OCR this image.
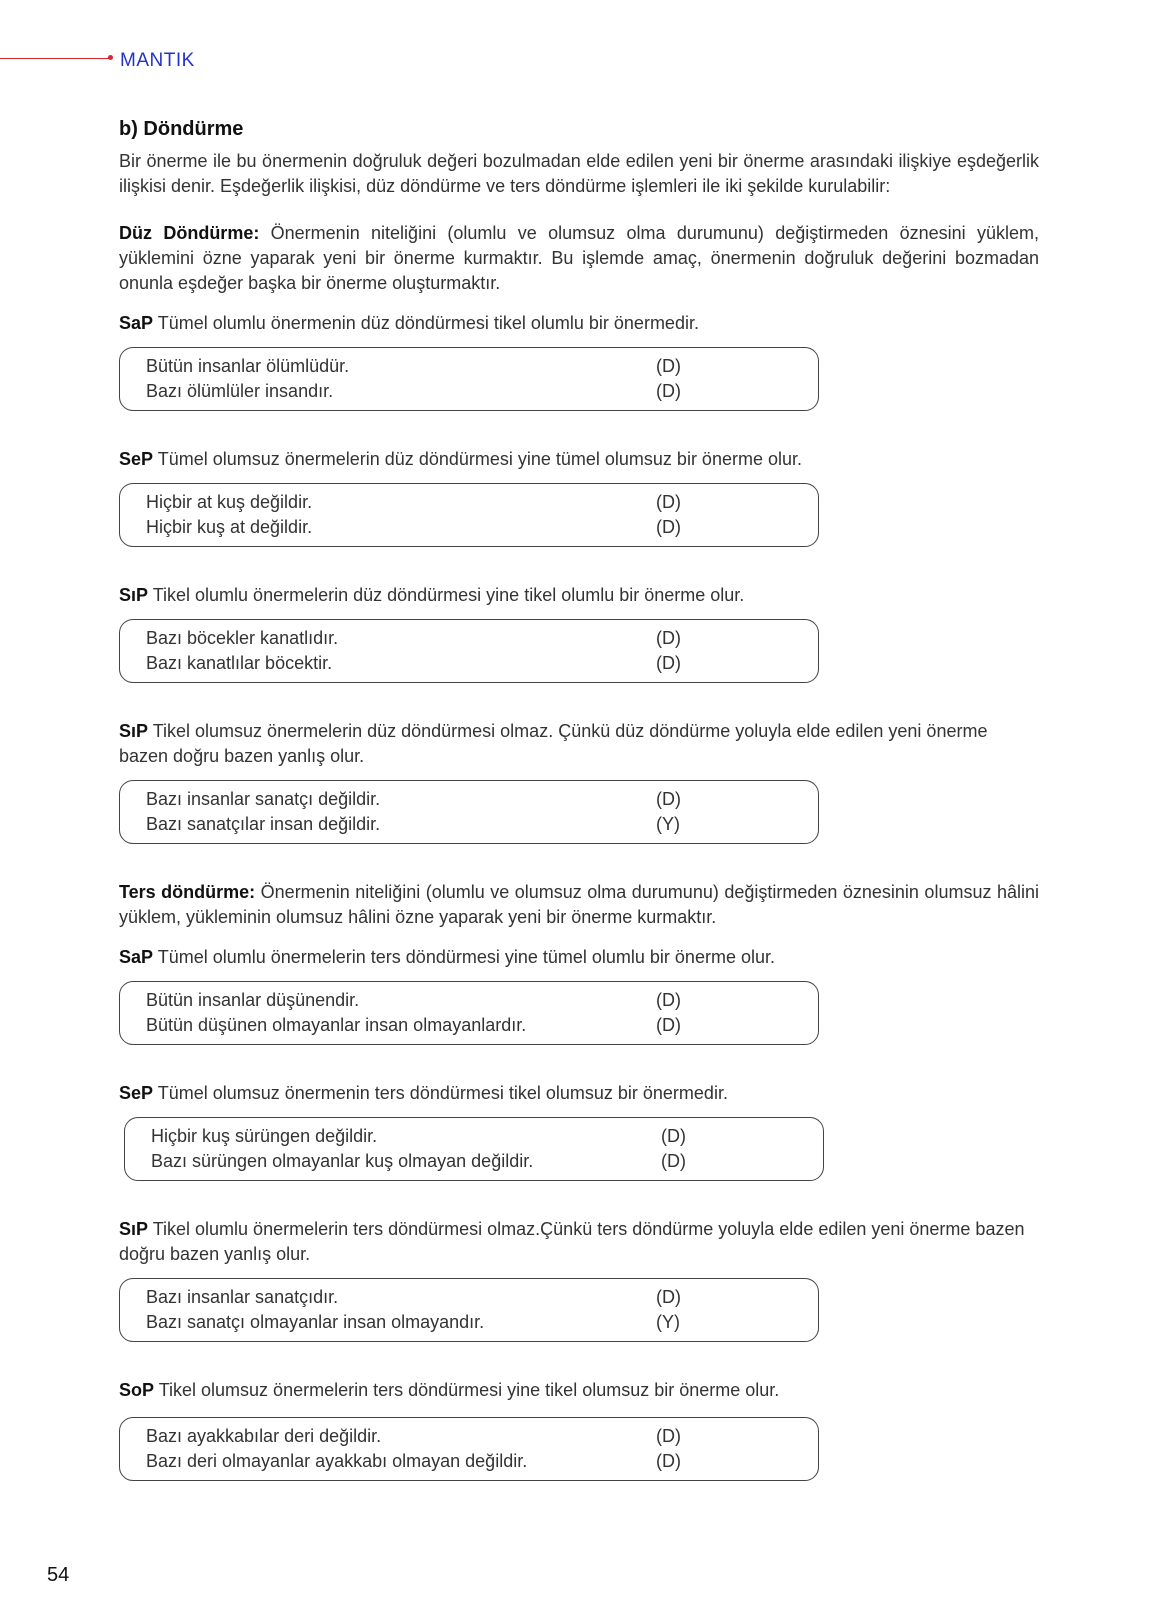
MANTIK
b) Döndürme

Bir önerme ile bu önermenin doğruluk değeri bozulmadan elde edilen yeni bir önerme arasındaki ilişkiye eşdeğerlik ilişkisi denir. Eşdeğerlik ilişkisi, düz döndürme ve ters döndürme işlemleri ile iki şekilde kurulabilir:

Düz Döndürme: Önermenin niteliğini (olumlu ve olumsuz olma durumunu) değiştirmeden öznesini yüklem, yüklemini özne yaparak yeni bir önerme kurmaktır. Bu işlemde amaç, önermenin doğruluk değerini bozmadan onunla eşdeğer başka bir önerme oluşturmaktır.

SaP Tümel olumlu önermenin düz döndürmesi tikel olumlu bir önermedir.

Bütün insanlar ölümlüdür.	(D)
Bazı ölümlüler insandır.	(D)

SeP Tümel olumsuz önermelerin düz döndürmesi yine tümel olumsuz bir önerme olur.

Hiçbir at kuş değildir.	(D)
Hiçbir kuş at değildir.	(D)

SıP Tikel olumlu önermelerin düz döndürmesi yine tikel olumlu bir önerme olur.

Bazı böcekler kanatlıdır.	(D)
Bazı kanatlılar böcektir.	(D)

SıP Tikel olumsuz önermelerin düz döndürmesi olmaz. Çünkü düz döndürme yoluyla elde edilen yeni önerme bazen doğru bazen yanlış olur.

Bazı insanlar sanatçı değildir.	(D)
Bazı sanatçılar insan değildir.	(Y)

Ters döndürme: Önermenin niteliğini (olumlu ve olumsuz olma durumunu) değiştirmeden öznesinin olumsuz hâlini yüklem, yükleminin olumsuz hâlini özne yaparak yeni bir önerme kurmaktır.

SaP Tümel olumlu önermelerin ters döndürmesi yine tümel olumlu bir önerme olur.

Bütün insanlar düşünendir.	(D)
Bütün düşünen olmayanlar insan olmayanlardır.	(D)

SeP Tümel olumsuz önermenin ters döndürmesi tikel olumsuz bir önermedir.

Hiçbir kuş sürüngen değildir.	(D)
Bazı sürüngen olmayanlar kuş olmayan değildir.	(D)

SıP Tikel olumlu önermelerin ters döndürmesi olmaz.Çünkü ters döndürme yoluyla elde edilen yeni önerme bazen doğru bazen yanlış olur.

Bazı insanlar sanatçıdır.	(D)
Bazı sanatçı olmayanlar insan olmayandır.	(Y)

SoP Tikel olumsuz önermelerin ters döndürmesi yine tikel olumsuz bir önerme olur.

Bazı ayakkabılar deri değildir.	(D)
Bazı deri olmayanlar ayakkabı olmayan değildir.	(D)
54
